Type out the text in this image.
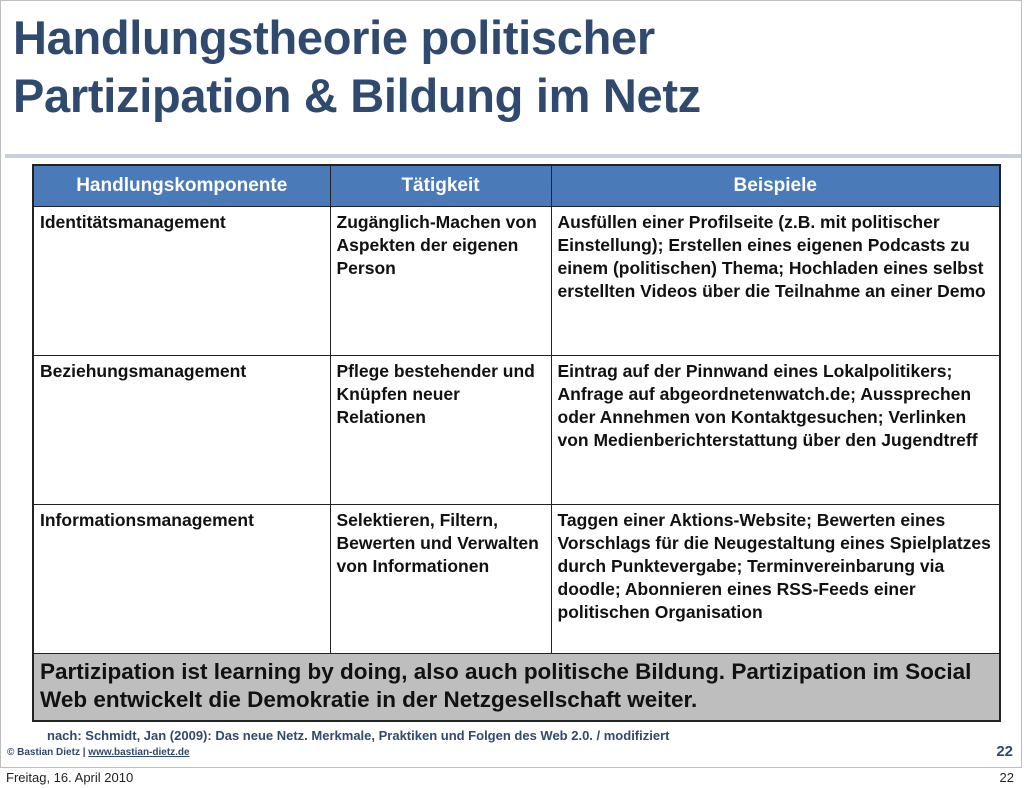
Handlungstheorie politischer
Partizipation & Bildung im Netz
Handlungskomponente	Tätigkeit	Beispiele
Identitätsmanagement	Zugänglich-Machen von Aspekten der eigenen Person	Ausfüllen einer Profilseite (z.B. mit politischer Einstellung); Erstellen eines eigenen Podcasts zu einem (politischen) Thema; Hochladen eines selbst erstellten Videos über die Teilnahme an einer Demo
Beziehungsmanagement	Pflege bestehender und Knüpfen neuer Relationen	Eintrag auf der Pinnwand eines Lokalpolitikers; Anfrage auf abgeordnetenwatch.de; Aussprechen oder Annehmen von Kontaktgesuchen; Verlinken von Medienberichterstattung über den Jugendtreff
Informationsmanagement	Selektieren, Filtern, Bewerten und Verwalten von Informationen	Taggen einer Aktions-Website; Bewerten eines Vorschlags für die Neugestaltung eines Spielplatzes durch Punktevergabe; Terminvereinbarung via doodle; Abonnieren eines RSS-Feeds einer politischen Organisation
Partizipation ist learning by doing, also auch politische Bildung. Partizipation im Social Web entwickelt die Demokratie in der Netzgesellschaft weiter.		
nach: Schmidt, Jan (2009): Das neue Netz. Merkmale, Praktiken und Folgen des Web 2.0. / modifiziert
© Bastian Dietz | www.bastian-dietz.de	22
Freitag, 16. April 2010	22
